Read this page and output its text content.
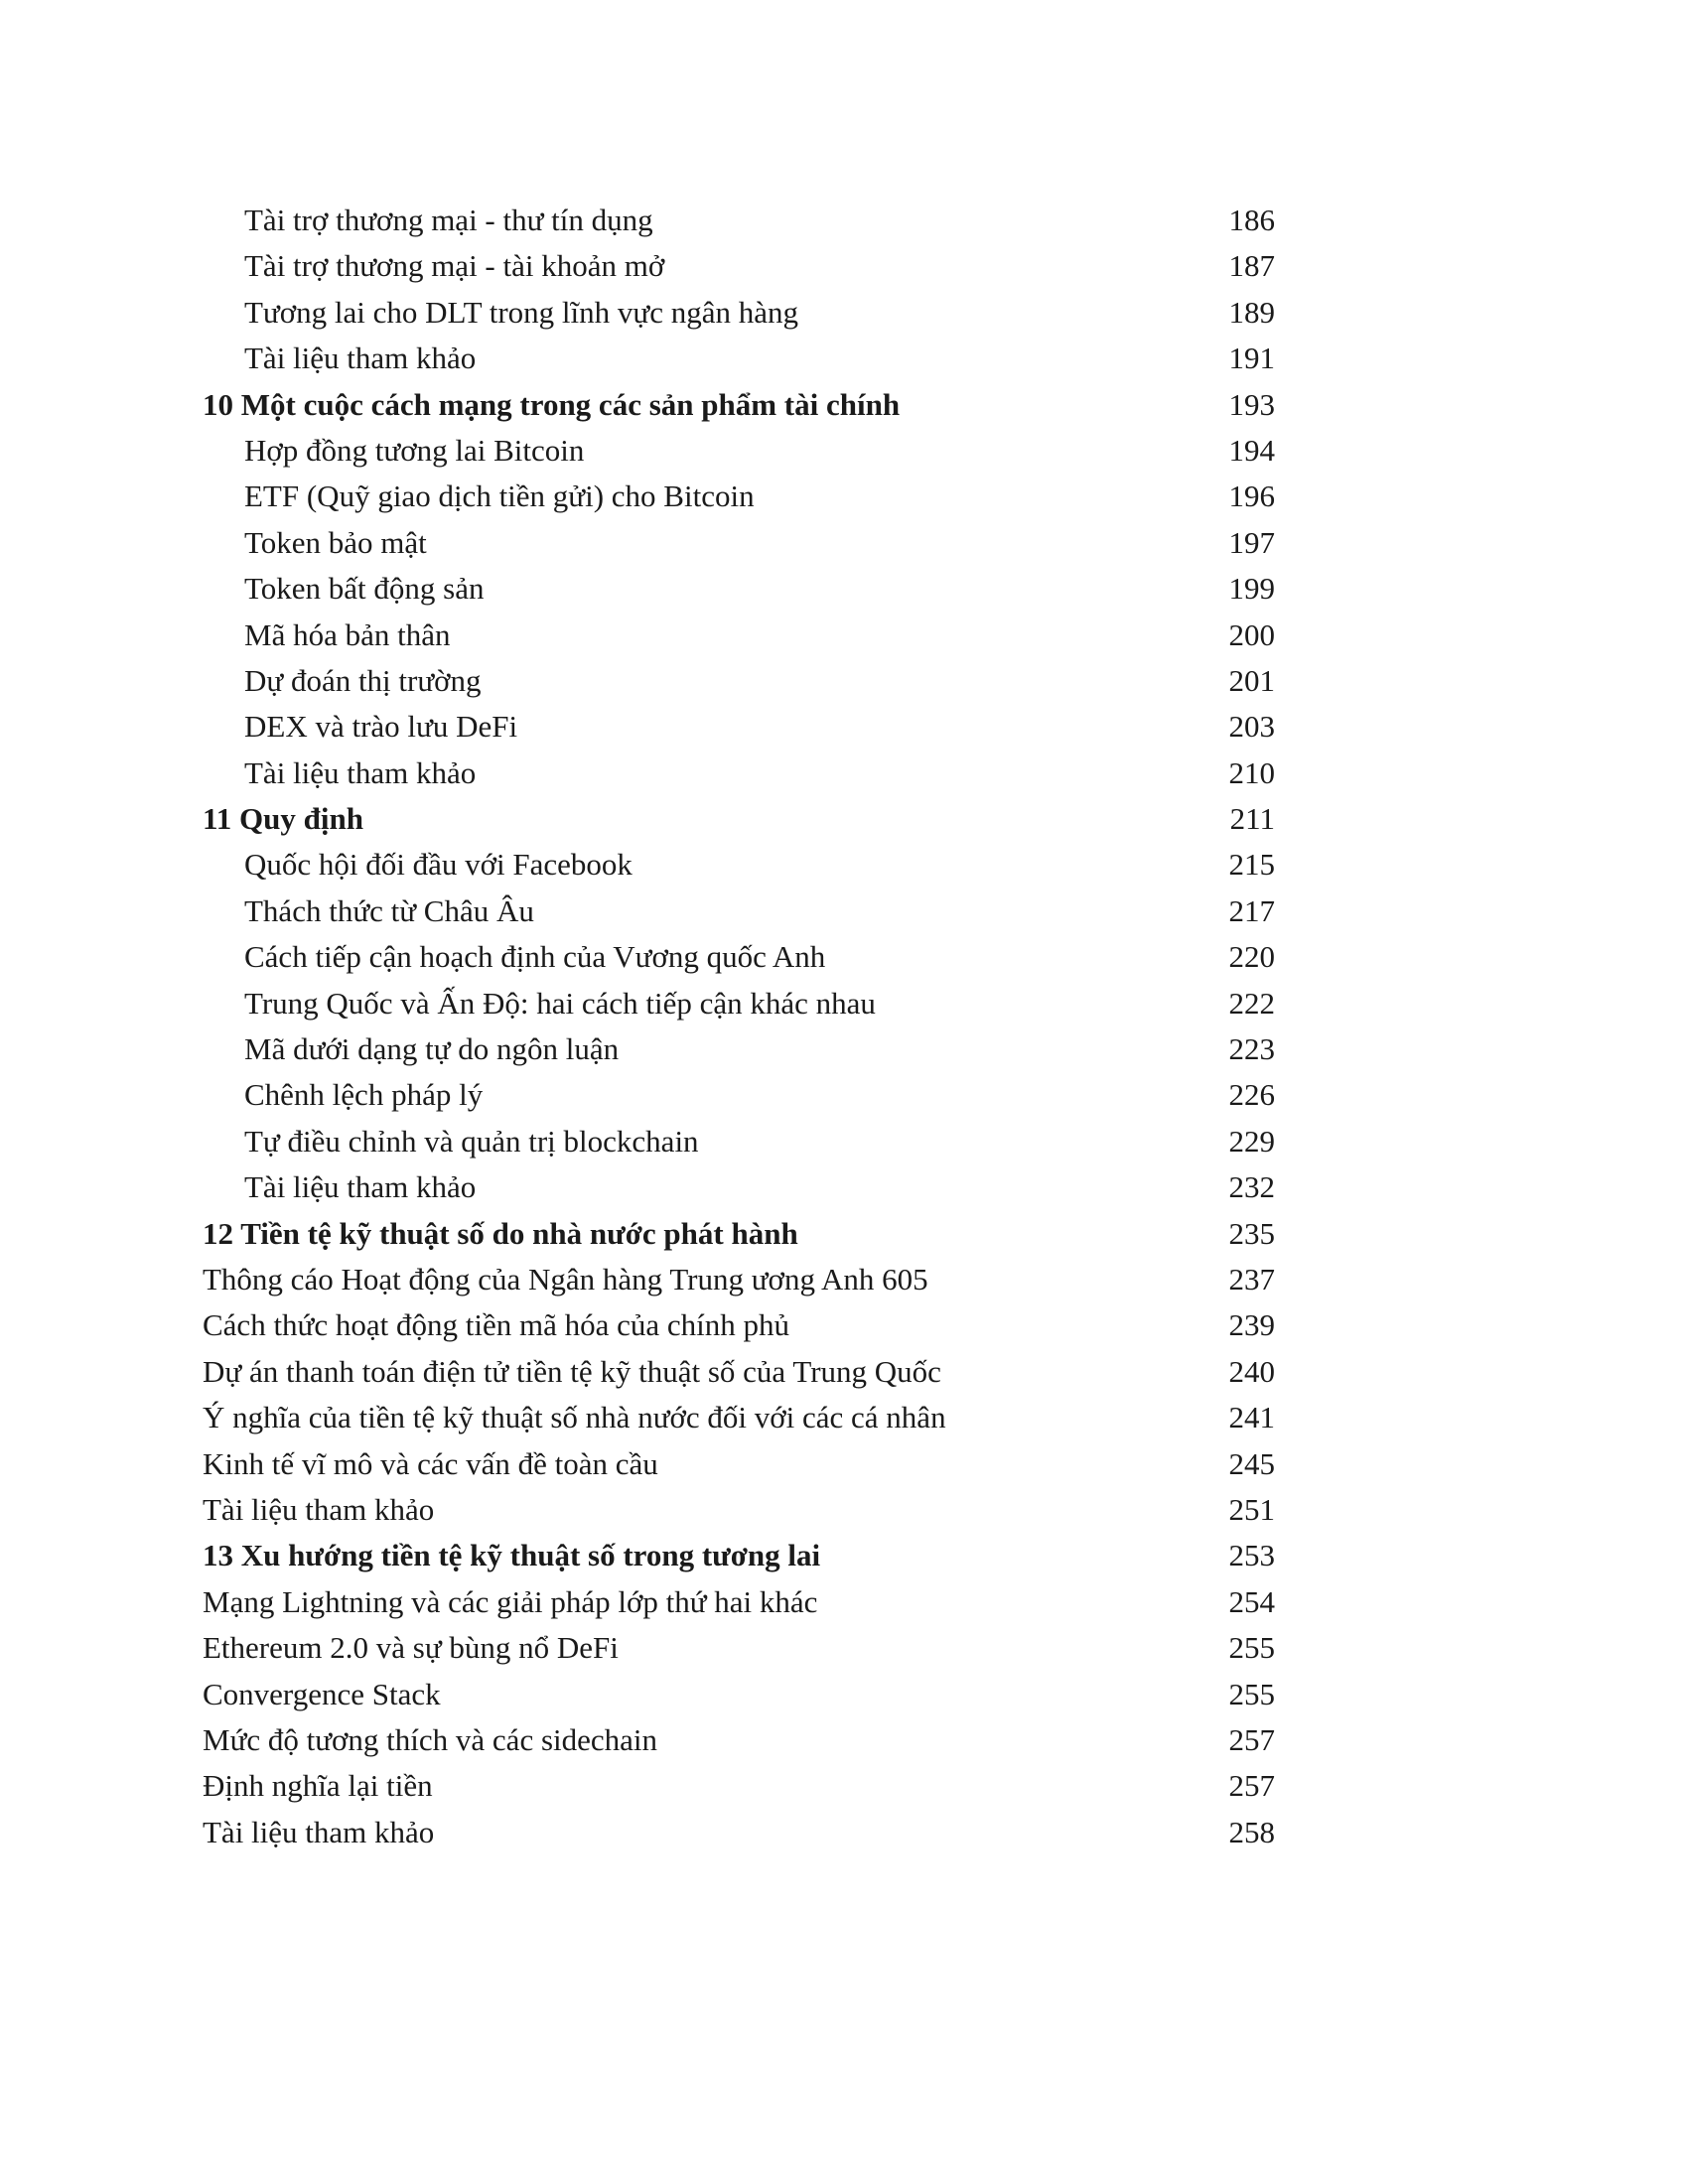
Tài trợ thương mại - thư tín dụng	186
Tài trợ thương mại - tài khoản mở	187
Tương lai cho DLT trong lĩnh vực ngân hàng	189
Tài liệu tham khảo	191
10 Một cuộc cách mạng trong các sản phẩm tài chính	193
Hợp đồng tương lai Bitcoin	194
ETF (Quỹ giao dịch tiền gửi) cho Bitcoin	196
Token bảo mật	197
Token bất động sản	199
Mã hóa bản thân	200
Dự đoán thị trường	201
DEX và trào lưu DeFi	203
Tài liệu tham khảo	210
11 Quy định	211
Quốc hội đối đầu với Facebook	215
Thách thức từ Châu Âu	217
Cách tiếp cận hoạch định của Vương quốc Anh	220
Trung Quốc và Ấn Độ: hai cách tiếp cận khác nhau	222
Mã dưới dạng tự do ngôn luận	223
Chênh lệch pháp lý	226
Tự điều chỉnh và quản trị blockchain	229
Tài liệu tham khảo	232
12 Tiền tệ kỹ thuật số do nhà nước phát hành	235
Thông cáo Hoạt động của Ngân hàng Trung ương Anh 605	237
Cách thức hoạt động tiền mã hóa của chính phủ	239
Dự án thanh toán điện tử tiền tệ kỹ thuật số của Trung Quốc	240
Ý nghĩa của tiền tệ kỹ thuật số nhà nước đối với các cá nhân	241
Kinh tế vĩ mô và các vấn đề toàn cầu	245
Tài liệu tham khảo	251
13 Xu hướng tiền tệ kỹ thuật số trong tương lai	253
Mạng Lightning và các giải pháp lớp thứ hai khác	254
Ethereum 2.0 và sự bùng nổ DeFi	255
Convergence Stack	255
Mức độ tương thích và các sidechain	257
Định nghĩa lại tiền	257
Tài liệu tham khảo	258
